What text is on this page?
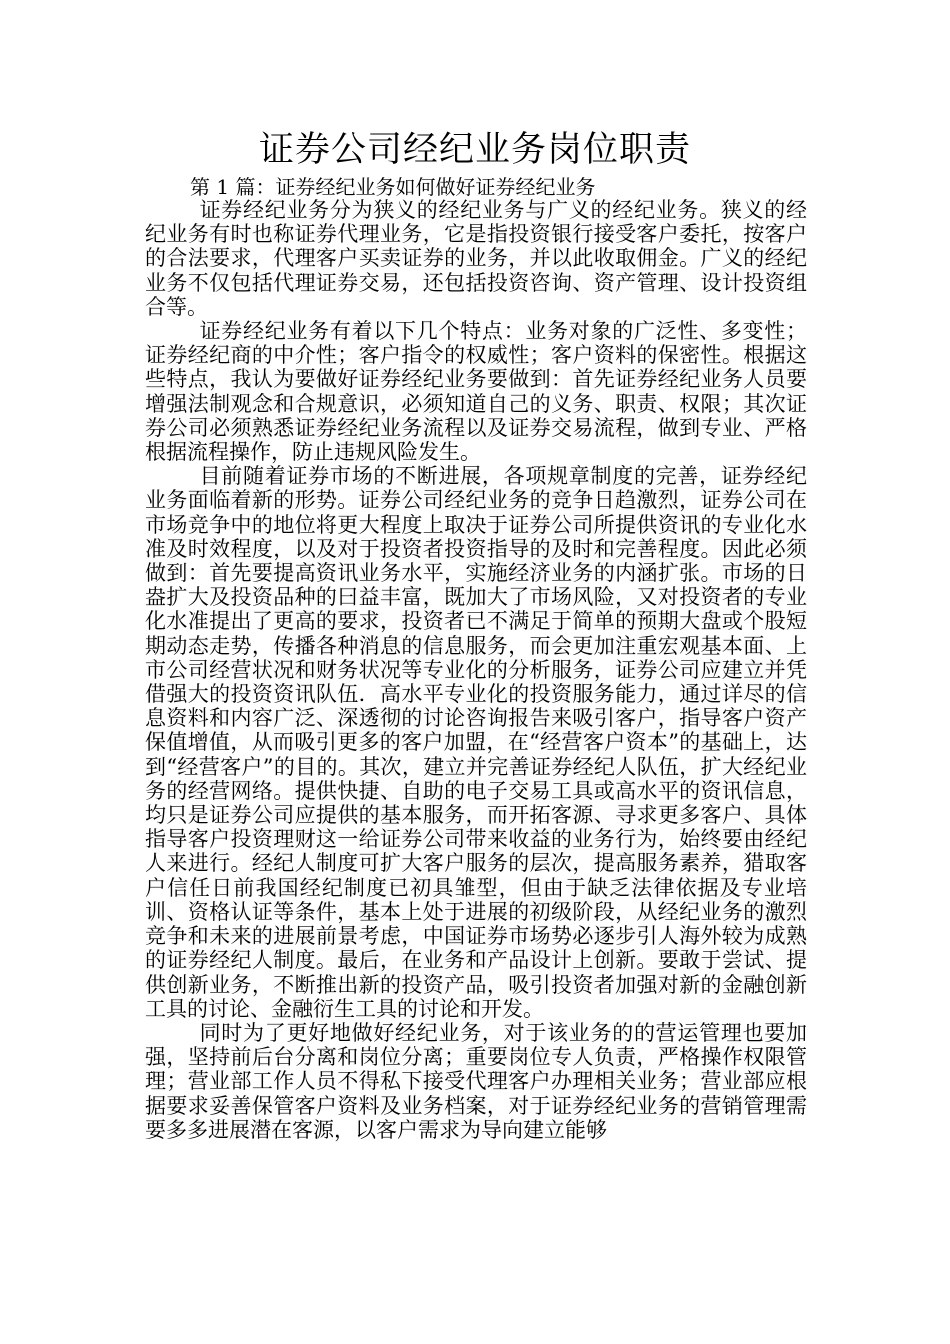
证券公司经纪业务岗位职责

第 1 篇：证券经纪业务如何做好证券经纪业务

证券经纪业务分为狭义的经纪业务与广义的经纪业务。狭义的经纪业务有时也称证券代理业务，它是指投资银行接受客户委托，按客户的合法要求，代理客户买卖证券的业务，并以此收取佣金。广义的经纪业务不仅包括代理证券交易，还包括投资咨询、资产管理、设计投资组合等。

证券经纪业务有着以下几个特点：业务对象的广泛性、多变性；证券经纪商的中介性；客户指令的权威性；客户资料的保密性。根据这些特点，我认为要做好证券经纪业务要做到：首先证券经纪业务人员要增强法制观念和合规意识，必须知道自己的义务、职责、权限；其次证券公司必须熟悉证券经纪业务流程以及证券交易流程，做到专业、严格根据流程操作，防止违规风险发生。

目前随着证券市场的不断进展，各项规章制度的完善，证券经纪业务面临着新的形势。证券公司经纪业务的竞争日趋激烈，证券公司在市场竞争中的地位将更大程度上取决于证券公司所提供资讯的专业化水准及时效程度，以及对于投资者投资指导的及时和完善程度。因此必须做到：首先要提高资讯业务水平，实施经济业务的内涵扩张。市场的日盎扩大及投资品种的曰益丰富，既加大了市场风险，又对投资者的专业化水准提出了更高的要求，投资者已不满足于简单的预期大盘或个股短期动态走势，传播各种消息的信息服务，而会更加注重宏观基本面、上市公司经营状况和财务状况等专业化的分析服务，证券公司应建立并凭借强大的投资资讯队伍．高水平专业化的投资服务能力，通过详尽的信息资料和内容广泛、深透彻的讨论咨询报告来吸引客户，指导客户资产保值增值，从而吸引更多的客户加盟，在“经营客户资本”的基础上，达到“经营客户”的目的。其次，建立并完善证券经纪人队伍，扩大经纪业务的经营网络。提供快捷、自助的电子交易工具或高水平的资讯信息，均只是证券公司应提供的基本服务，而开拓客源、寻求更多客户、具体指导客户投资理财这一给证券公司带来收益的业务行为，始终要由经纪人来进行。经纪人制度可扩大客户服务的层次，提高服务素养，猎取客户信任日前我国经纪制度已初具雏型，但由于缺乏法律依据及专业培训、资格认证等条件，基本上处于进展的初级阶段，从经纪业务的激烈竞争和未来的进展前景考虑，中国证券市场势必逐步引人海外较为成熟的证券经纪人制度。最后，在业务和产品设计上创新。要敢于尝试、提供创新业务，不断推出新的投资产品，吸引投资者加强对新的金融创新工具的讨论、金融衍生工具的讨论和开发。

同时为了更好地做好经纪业务，对于该业务的的营运管理也要加强，坚持前后台分离和岗位分离；重要岗位专人负责，严格操作权限管理；营业部工作人员不得私下接受代理客户办理相关业务；营业部应根据要求妥善保管客户资料及业务档案，对于证券经纪业务的营销管理需要多多进展潜在客源，以客户需求为导向建立能够
